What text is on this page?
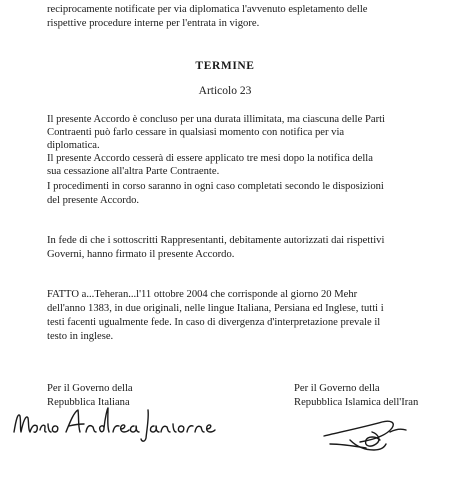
reciprocamente notificate per via diplomatica l'avvenuto espletamento delle
rispettive procedure interne per l'entrata in vigore.
TERMINE
Articolo 23
Il presente Accordo è concluso per una durata illimitata, ma ciascuna delle Parti
Contraenti può farlo cessare in qualsiasi momento con notifica per via
diplomatica.
Il presente Accordo cesserà di essere applicato tre mesi dopo la notifica della
sua cessazione all'altra Parte Contraente.
I procedimenti in corso saranno in ogni caso completati secondo le disposizioni
del presente Accordo.
In fede di che i sottoscritti Rappresentanti, debitamente autorizzati dai rispettivi
Governi, hanno firmato il presente Accordo.
FATTO a...Teheran...l'11 ottobre 2004 che corrisponde al giorno 20 Mehr
dell'anno 1383, in due originali, nelle lingue Italiana, Persiana ed Inglese, tutti i
testi facenti ugualmente fede. In caso di divergenza d'interpretazione prevale il
testo in inglese.
Per il Governo della
Repubblica Italiana
Per il Governo della
Repubblica Islamica dell'Iran
